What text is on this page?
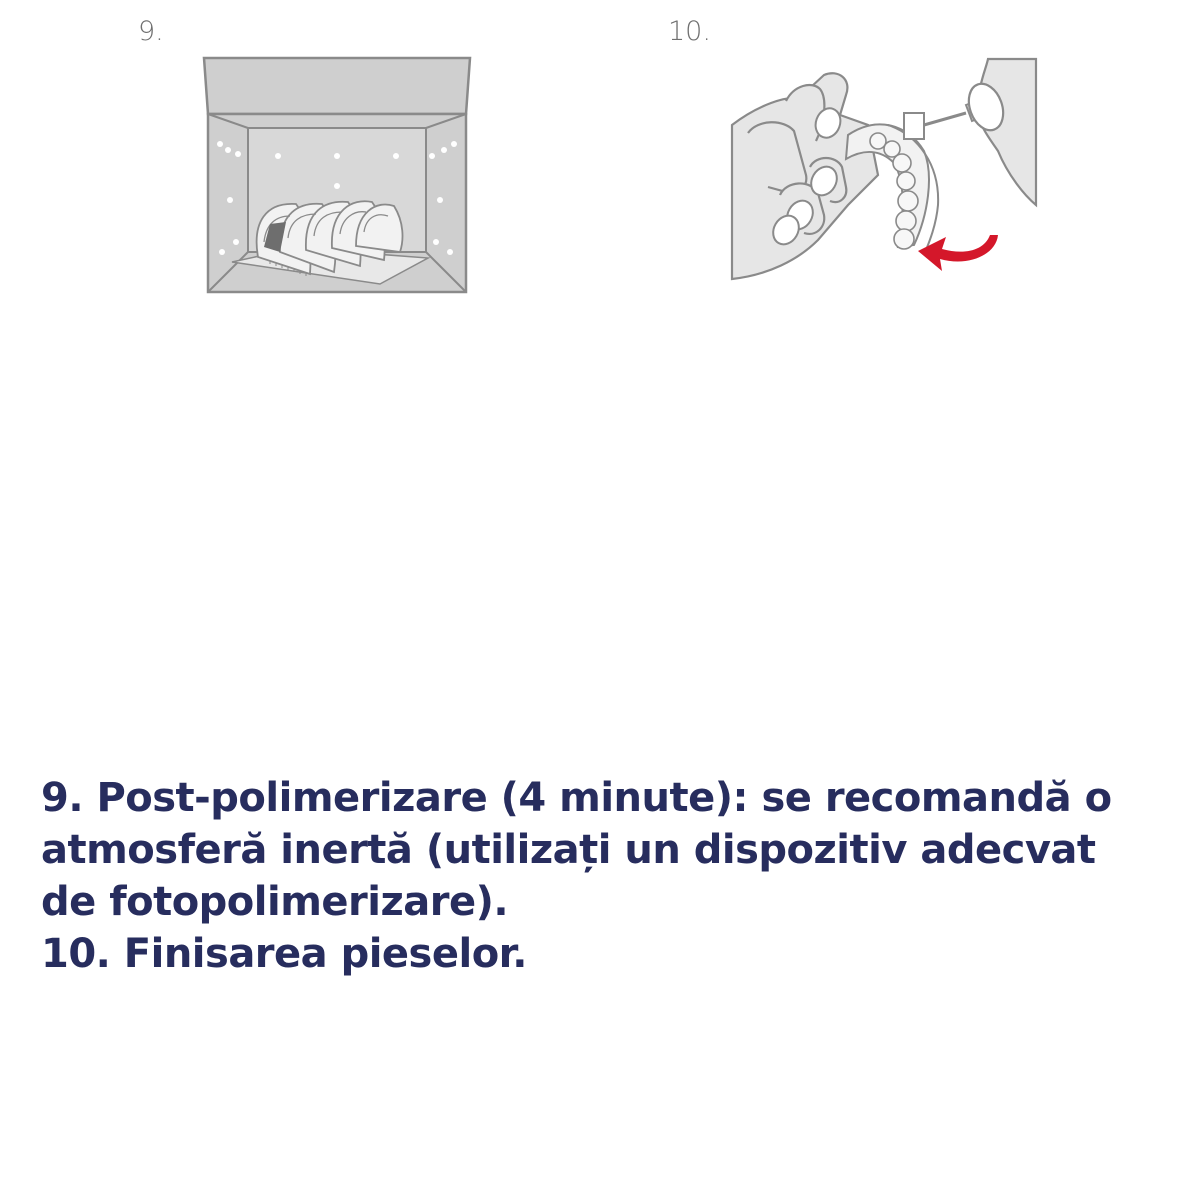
9.	10.

9. Post-polimerizare (4 minute): se recomandă o atmosferă inertă (utilizați un dispozitiv adecvat de fotopolimerizare).

10. Finisarea pieselor.
